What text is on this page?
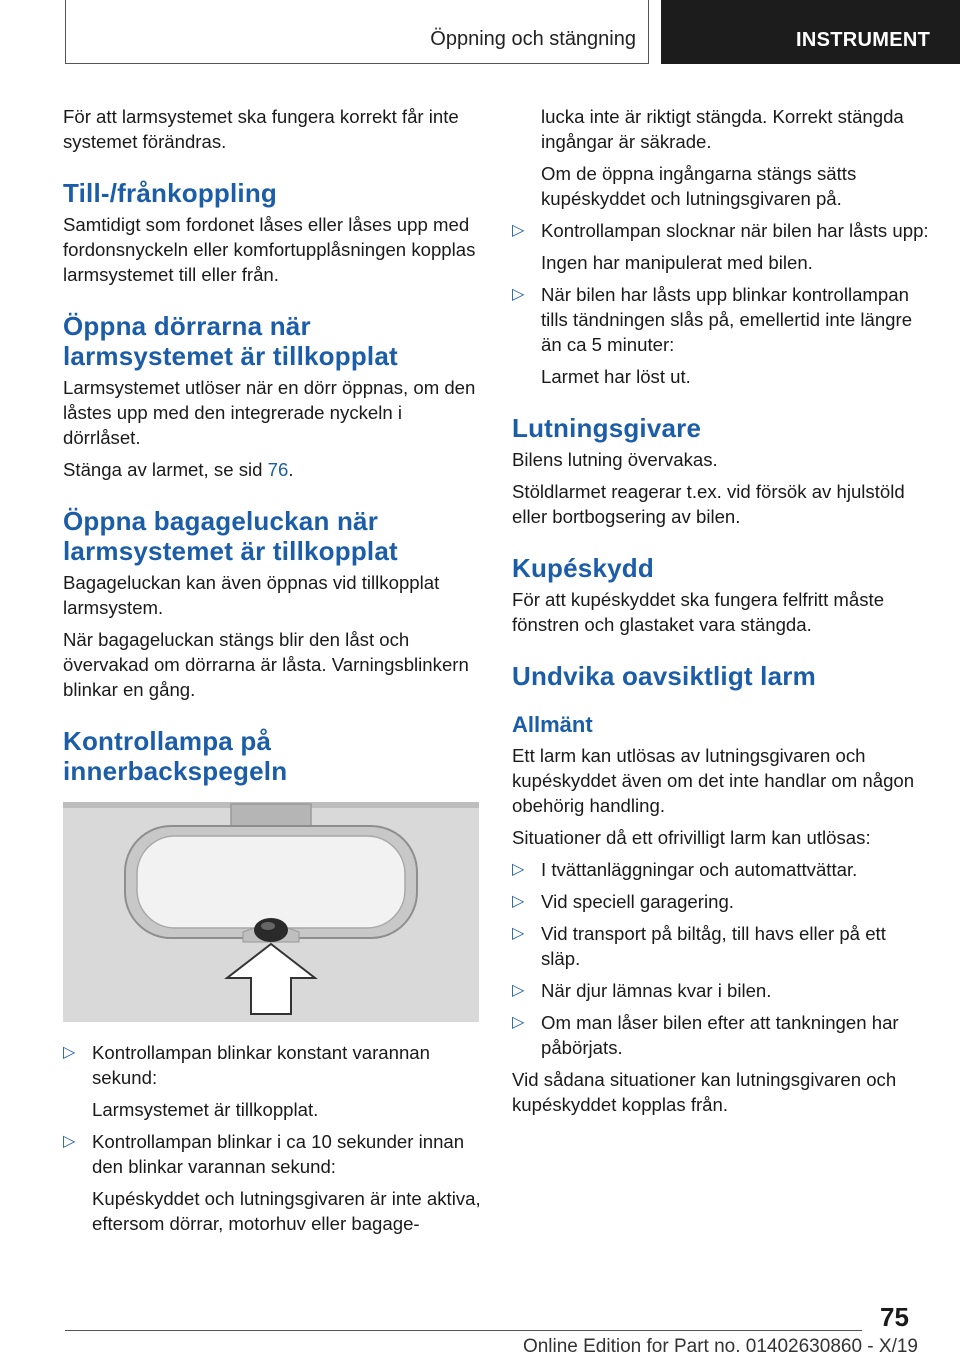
Öppning och stängning	INSTRUMENT

För att larmsystemet ska fungera korrekt får inte systemet förändras.

Till-/frånkoppling

Samtidigt som fordonet låses eller låses upp med fordonsnyckeln eller komfortupplåsningen kopplas larmsystemet till eller från.

Öppna dörrarna när larmsystemet är tillkopplat

Larmsystemet utlöser när en dörr öppnas, om den låstes upp med den integrerade nyckeln i dörrlåset.

Stänga av larmet, se sid 76.

Öppna bagageluckan när larmsystemet är tillkopplat

Bagageluckan kan även öppnas vid tillkopplat larmsystem.

När bagageluckan stängs blir den låst och övervakad om dörrarna är låsta. Varningsblinkern blinkar en gång.

Kontrollampa på innerbackspegeln
▷ Kontrollampan blinkar konstant varannan sekund:

Larmsystemet är tillkopplat.

▷ Kontrollampan blinkar i ca 10 sekunder innan den blinkar varannan sekund:

Kupéskyddet och lutningsgivaren är inte aktiva, eftersom dörrar, motorhuv eller bagage-

lucka inte är riktigt stängda. Korrekt stängda ingångar är säkrade.

Om de öppna ingångarna stängs sätts kupéskyddet och lutningsgivaren på.

▷ Kontrollampan slocknar när bilen har låsts upp:

Ingen har manipulerat med bilen.

▷ När bilen har låsts upp blinkar kontrollampan tills tändningen slås på, emellertid inte längre än ca 5 minuter:

Larmet har löst ut.

Lutningsgivare

Bilens lutning övervakas.

Stöldlarmet reagerar t.ex. vid försök av hjulstöld eller bortbogsering av bilen.

Kupéskydd

För att kupéskyddet ska fungera felfritt måste fönstren och glastaket vara stängda.

Undvika oavsiktligt larm
Allmänt

Ett larm kan utlösas av lutningsgivaren och kupéskyddet även om det inte handlar om någon obehörig handling.

Situationer då ett ofrivilligt larm kan utlösas:

▷ I tvättanläggningar och automattvättar.
▷ Vid speciell garagering.
▷ Vid transport på biltåg, till havs eller på ett släp.
▷ När djur lämnas kvar i bilen.
▷ Om man låser bilen efter att tankningen har påbörjats.

Vid sådana situationer kan lutningsgivaren och kupéskyddet kopplas från.

75
Online Edition for Part no. 01402630860 - X/19
